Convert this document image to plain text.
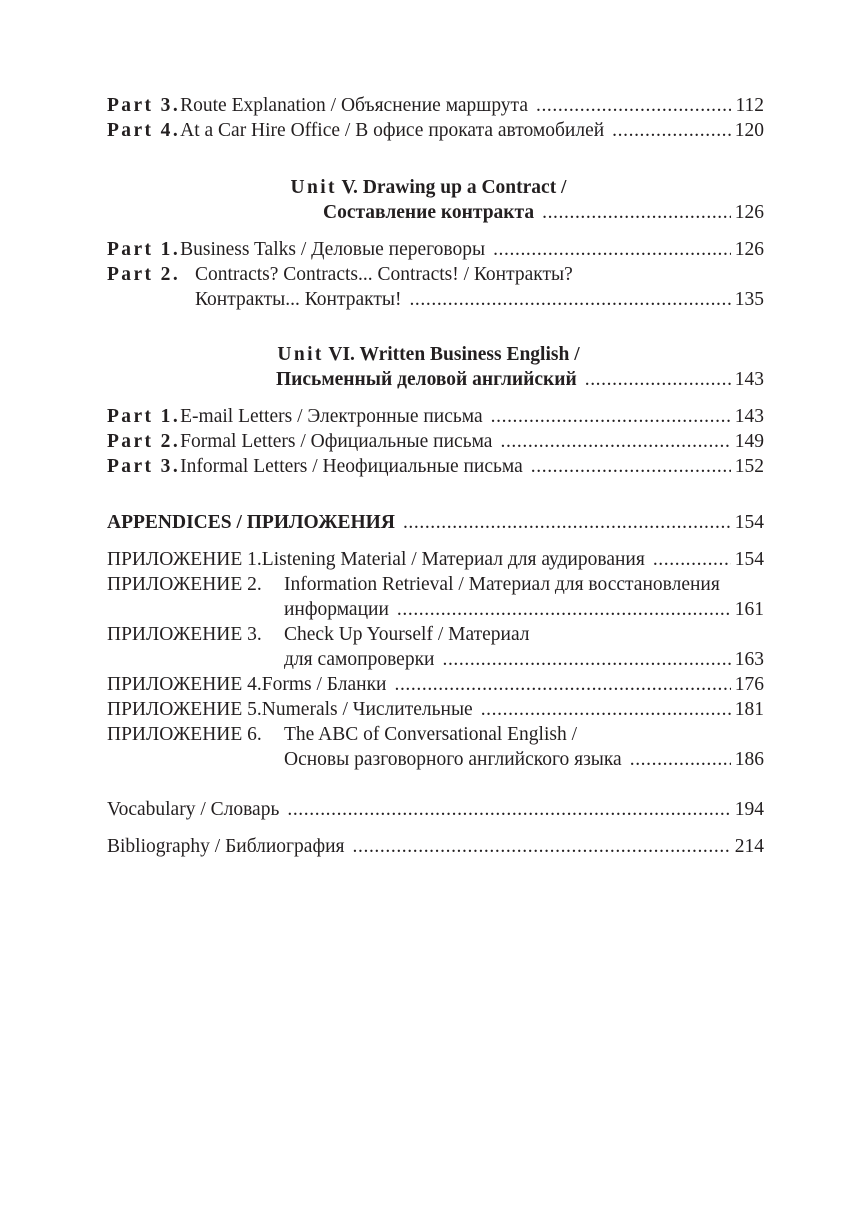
Part 3. Route Explanation / Объяснение маршрута .....	112
Part 4. At a Car Hire Office / В офисе проката автомобилей .....	120
Unit V. Drawing up a Contract /
Составление контракта .....	126
Part 1. Business Talks / Деловые переговоры .....	126
Part 2. Contracts? Contracts... Contracts! / Контракты?
Контракты... Контракты! .....	135
Unit VI. Written Business English /
Письменный деловой английский .....	143
Part 1. E-mail Letters / Электронные письма .....	143
Part 2. Formal Letters / Официальные письма .....	149
Part 3. Informal Letters / Неофициальные письма .....	152
APPENDICES / ПРИЛОЖЕНИЯ .....	154
ПРИЛОЖЕНИЕ 1. Listening Material / Материал для аудирования .....	154
ПРИЛОЖЕНИЕ 2.	Information Retrieval / Материал для восстановления
информации .....	161
ПРИЛОЖЕНИЕ 3.	Check Up Yourself / Материал
для самопроверки .....	163
ПРИЛОЖЕНИЕ 4. Forms / Бланки .....	176
ПРИЛОЖЕНИЕ 5. Numerals / Числительные .....	181
ПРИЛОЖЕНИЕ 6.	The ABC of Conversational English /
Основы разговорного английского языка .....	186
Vocabulary / Словарь .....	194
Bibliography / Библиография .....	214
